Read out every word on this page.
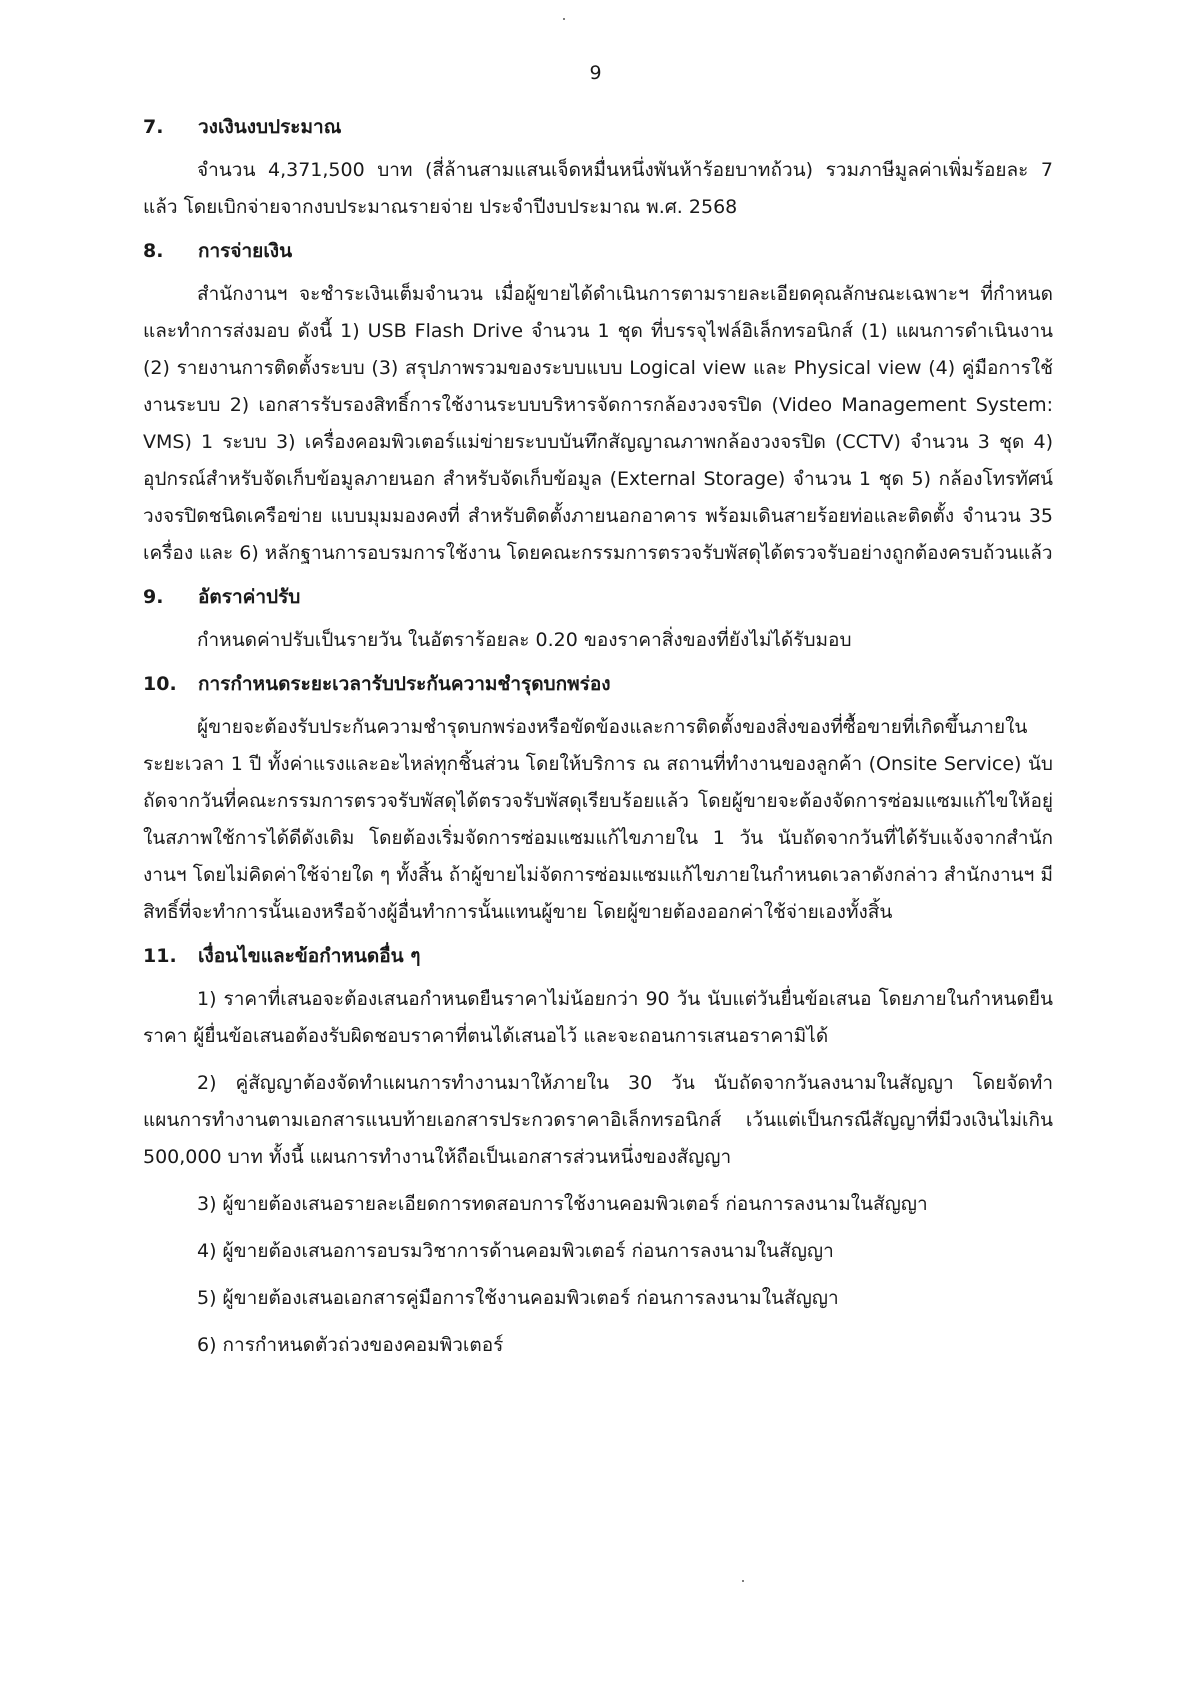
9
7.	วงเงินงบประมาณ

จำนวน 4,371,500 บาท (สี่ล้านสามแสนเจ็ดหมื่นหนึ่งพันห้าร้อยบาทถ้วน) รวมภาษีมูลค่าเพิ่มร้อยละ 7 แล้ว โดยเบิกจ่ายจากงบประมาณรายจ่าย ประจำปีงบประมาณ พ.ศ. 2568

8.	การจ่ายเงิน

สำนักงานฯ จะชำระเงินเต็มจำนวน เมื่อผู้ขายได้ดำเนินการตามรายละเอียดคุณลักษณะเฉพาะฯ ที่กำหนด และทำการส่งมอบ ดังนี้ 1) USB Flash Drive จำนวน 1 ชุด ที่บรรจุไฟล์อิเล็กทรอนิกส์ (1) แผนการดำเนินงาน (2) รายงานการติดตั้งระบบ (3) สรุปภาพรวมของระบบแบบ Logical view และ Physical view (4) คู่มือการใช้งานระบบ 2) เอกสารรับรองสิทธิ์การใช้งานระบบบริหารจัดการกล้องวงจรปิด (Video Management System: VMS) 1 ระบบ 3) เครื่องคอมพิวเตอร์แม่ข่ายระบบบันทึกสัญญาณภาพกล้องวงจรปิด (CCTV) จำนวน 3 ชุด 4) อุปกรณ์สำหรับจัดเก็บข้อมูลภายนอก สำหรับจัดเก็บข้อมูล (External Storage) จำนวน 1 ชุด 5) กล้องโทรทัศน์วงจรปิดชนิดเครือข่าย แบบมุมมองคงที่ สำหรับติดตั้งภายนอกอาคาร พร้อมเดินสายร้อยท่อและติดตั้ง จำนวน 35 เครื่อง และ 6) หลักฐานการอบรมการใช้งาน โดยคณะกรรมการตรวจรับพัสดุได้ตรวจรับอย่างถูกต้องครบถ้วนแล้ว

9.	อัตราค่าปรับ

กำหนดค่าปรับเป็นรายวัน ในอัตราร้อยละ 0.20 ของราคาสิ่งของที่ยังไม่ได้รับมอบ

10.	การกำหนดระยะเวลารับประกันความชำรุดบกพร่อง

ผู้ขายจะต้องรับประกันความชำรุดบกพร่องหรือขัดข้องและการติดตั้งของสิ่งของที่ซื้อขายที่เกิดขึ้นภายในระยะเวลา 1 ปี ทั้งค่าแรงและอะไหล่ทุกชิ้นส่วน โดยให้บริการ ณ สถานที่ทำงานของลูกค้า (Onsite Service) นับถัดจากวันที่คณะกรรมการตรวจรับพัสดุได้ตรวจรับพัสดุเรียบร้อยแล้ว โดยผู้ขายจะต้องจัดการซ่อมแซมแก้ไขให้อยู่ในสภาพใช้การได้ดีดังเดิม โดยต้องเริ่มจัดการซ่อมแซมแก้ไขภายใน 1 วัน นับถัดจากวันที่ได้รับแจ้งจากสำนักงานฯ โดยไม่คิดค่าใช้จ่ายใด ๆ ทั้งสิ้น ถ้าผู้ขายไม่จัดการซ่อมแซมแก้ไขภายในกำหนดเวลาดังกล่าว สำนักงานฯ มีสิทธิ์ที่จะทำการนั้นเองหรือจ้างผู้อื่นทำการนั้นแทนผู้ขาย โดยผู้ขายต้องออกค่าใช้จ่ายเองทั้งสิ้น

11.	เงื่อนไขและข้อกำหนดอื่น ๆ

1) ราคาที่เสนอจะต้องเสนอกำหนดยืนราคาไม่น้อยกว่า 90 วัน นับแต่วันยื่นข้อเสนอ โดยภายในกำหนดยืนราคา ผู้ยื่นข้อเสนอต้องรับผิดชอบราคาที่ตนได้เสนอไว้ และจะถอนการเสนอราคามิได้

2) คู่สัญญาต้องจัดทำแผนการทำงานมาให้ภายใน 30 วัน นับถัดจากวันลงนามในสัญญา โดยจัดทำแผนการทำงานตามเอกสารแนบท้ายเอกสารประกวดราคาอิเล็กทรอนิกส์ เว้นแต่เป็นกรณีสัญญาที่มีวงเงินไม่เกิน 500,000 บาท ทั้งนี้ แผนการทำงานให้ถือเป็นเอกสารส่วนหนึ่งของสัญญา

3) ผู้ขายต้องเสนอรายละเอียดการทดสอบการใช้งานคอมพิวเตอร์ ก่อนการลงนามในสัญญา

4) ผู้ขายต้องเสนอการอบรมวิชาการด้านคอมพิวเตอร์ ก่อนการลงนามในสัญญา

5) ผู้ขายต้องเสนอเอกสารคู่มือการใช้งานคอมพิวเตอร์ ก่อนการลงนามในสัญญา

6) การกำหนดตัวถ่วงของคอมพิวเตอร์
